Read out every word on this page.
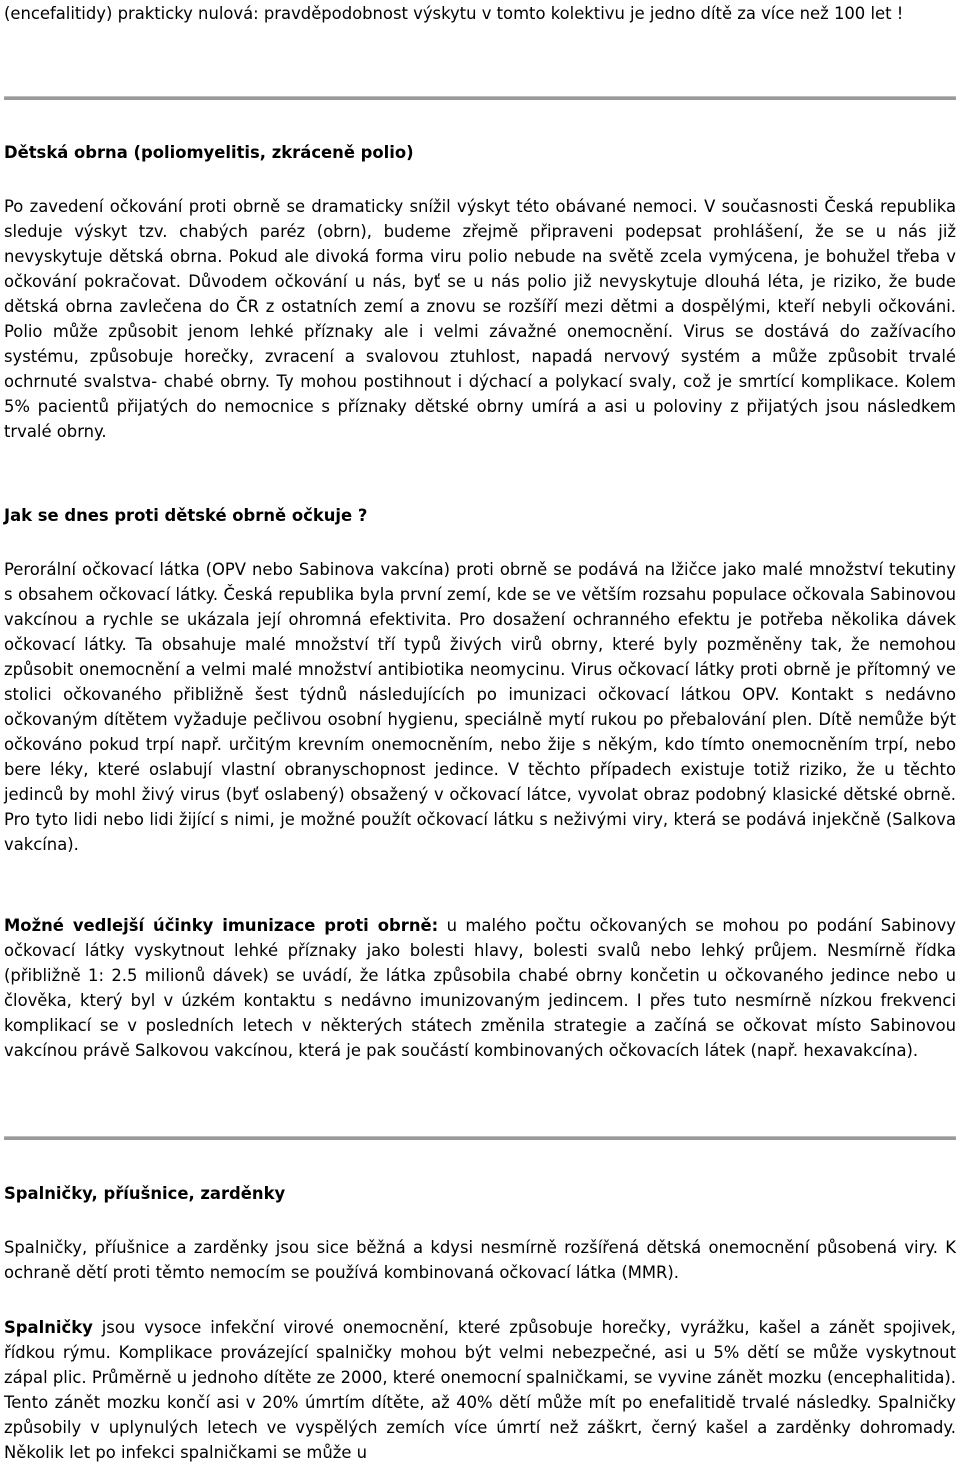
(encefalitidy) prakticky nulová: pravděpodobnost výskytu v tomto kolektivu je jedno dítě za více než 100 let !

Dětská obrna (poliomyelitis, zkráceně polio)

Po zavedení očkování proti obrně se dramaticky snížil výskyt této obávané nemoci. V současnosti Česká republika sleduje výskyt tzv. chabých paréz (obrn), budeme zřejmě připraveni podepsat prohlášení, že se u nás již nevyskytuje dětská obrna. Pokud ale divoká forma viru polio nebude na světě zcela vymýcena, je bohužel třeba v očkování pokračovat. Důvodem očkování u nás, byť se u nás polio již nevyskytuje dlouhá léta, je riziko, že bude dětská obrna zavlečena do ČR z ostatních zemí a znovu se rozšíří mezi dětmi a dospělými, kteří nebyli očkováni. Polio může způsobit jenom lehké příznaky ale i velmi závažné onemocnění. Virus se dostává do zažívacího systému, způsobuje horečky, zvracení a svalovou ztuhlost, napadá nervový systém a může způsobit trvalé ochrnuté svalstva- chabé obrny. Ty mohou postihnout i dýchací a polykací svaly, což je smrtící komplikace. Kolem 5% pacientů přijatých do nemocnice s příznaky dětské obrny umírá a asi u poloviny z přijatých jsou následkem trvalé obrny.

Jak se dnes proti dětské obrně očkuje ?

Perorální očkovací látka (OPV nebo Sabinova vakcína) proti obrně se podává na lžičce jako malé množství tekutiny s obsahem očkovací látky. Česká republika byla první zemí, kde se ve větším rozsahu populace očkovala Sabinovou vakcínou a rychle se ukázala její ohromná efektivita. Pro dosažení ochranného efektu je potřeba několika dávek očkovací látky. Ta obsahuje malé množství tří typů živých virů obrny, které byly pozměněny tak, že nemohou způsobit onemocnění a velmi malé množství antibiotika neomycinu. Virus očkovací látky proti obrně je přítomný ve stolici očkovaného přibližně šest týdnů následujících po imunizaci očkovací látkou OPV. Kontakt s nedávno očkovaným dítětem vyžaduje pečlivou osobní hygienu, speciálně mytí rukou po přebalování plen. Dítě nemůže být očkováno pokud trpí např. určitým krevním onemocněním, nebo žije s někým, kdo tímto onemocněním trpí, nebo bere léky, které oslabují vlastní obranyschopnost jedince. V těchto případech existuje totiž riziko, že u těchto jedinců by mohl živý virus (byť oslabený) obsažený v očkovací látce, vyvolat obraz podobný klasické dětské obrně. Pro tyto lidi nebo lidi žijící s nimi, je možné použít očkovací látku s neživými viry, která se podává injekčně (Salkova vakcína).

Možné vedlejší účinky imunizace proti obrně: u malého počtu očkovaných se mohou po podání Sabinovy očkovací látky vyskytnout lehké příznaky jako bolesti hlavy, bolesti svalů nebo lehký průjem. Nesmírně řídka (přibližně 1: 2.5 milionů dávek) se uvádí, že látka způsobila chabé obrny končetin u očkovaného jedince nebo u člověka, který byl v úzkém kontaktu s nedávno imunizovaným jedincem. I přes tuto nesmírně nízkou frekvenci komplikací se v posledních letech v některých státech změnila strategie a začíná se očkovat místo Sabinovou vakcínou právě Salkovou vakcínou, která je pak součástí kombinovaných očkovacích látek (např. hexavakcína).

Spalničky, příušnice, zarděnky

Spalničky, příušnice a zarděnky jsou sice běžná a kdysi nesmírně rozšířená dětská onemocnění působená viry. K ochraně dětí proti těmto nemocím se používá kombinovaná očkovací látka (MMR).

Spalničky jsou vysoce infekční virové onemocnění, které způsobuje horečky, vyrážku, kašel a zánět spojivek, řídkou rýmu. Komplikace provázející spalničky mohou být velmi nebezpečné, asi u 5% dětí se může vyskytnout zápal plic. Průměrně u jednoho dítěte ze 2000, které onemocní spalničkami, se vyvine zánět mozku (encephalitida). Tento zánět mozku končí asi v 20% úmrtím dítěte, až 40% dětí může mít po enefalitidě trvalé následky. Spalničky způsobily v uplynulých letech ve vyspělých zemích více úmrtí než záškrt, černý kašel a zarděnky dohromady. Několik let po infekci spalničkami se může u
